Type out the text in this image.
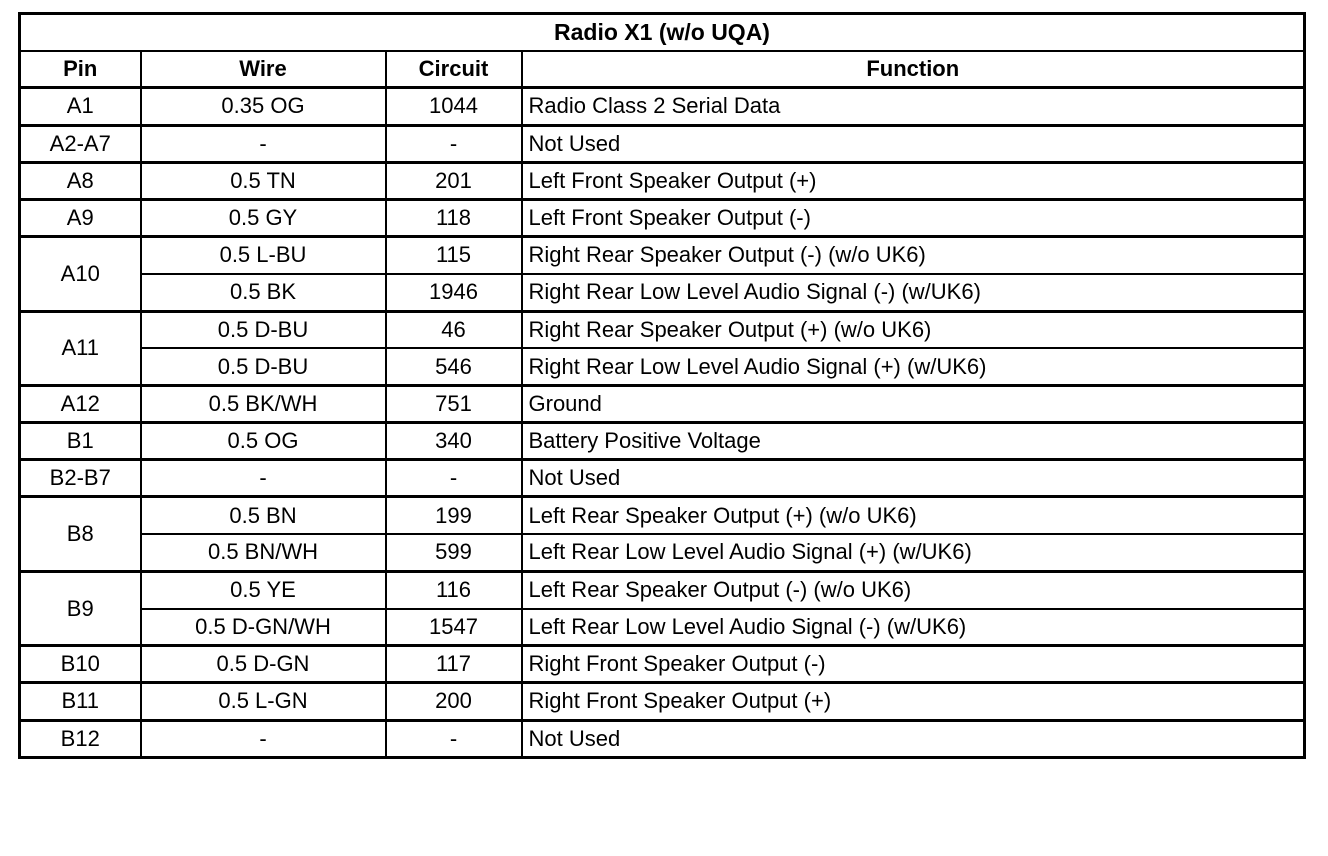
Radio X1 (w/o UQA)			
Pin	Wire	Circuit	Function
A1	0.35 OG	1044	Radio Class 2 Serial Data
A2-A7	-	-	Not Used
A8	0.5 TN	201	Left Front Speaker Output (+)
A9	0.5 GY	118	Left Front Speaker Output (-)
A10	0.5 L-BU	115	Right Rear Speaker Output (-) (w/o UK6)
	0.5 BK	1946	Right Rear Low Level Audio Signal (-) (w/UK6)
A11	0.5 D-BU	46	Right Rear Speaker Output (+) (w/o UK6)
	0.5 D-BU	546	Right Rear Low Level Audio Signal (+) (w/UK6)
A12	0.5 BK/WH	751	Ground
B1	0.5 OG	340	Battery Positive Voltage
B2-B7	-	-	Not Used
B8	0.5 BN	199	Left Rear Speaker Output (+) (w/o UK6)
	0.5 BN/WH	599	Left Rear Low Level Audio Signal (+) (w/UK6)
B9	0.5 YE	116	Left Rear Speaker Output (-) (w/o UK6)
	0.5 D-GN/WH	1547	Left Rear Low Level Audio Signal (-) (w/UK6)
B10	0.5 D-GN	117	Right Front Speaker Output (-)
B11	0.5 L-GN	200	Right Front Speaker Output (+)
B12	-	-	Not Used
